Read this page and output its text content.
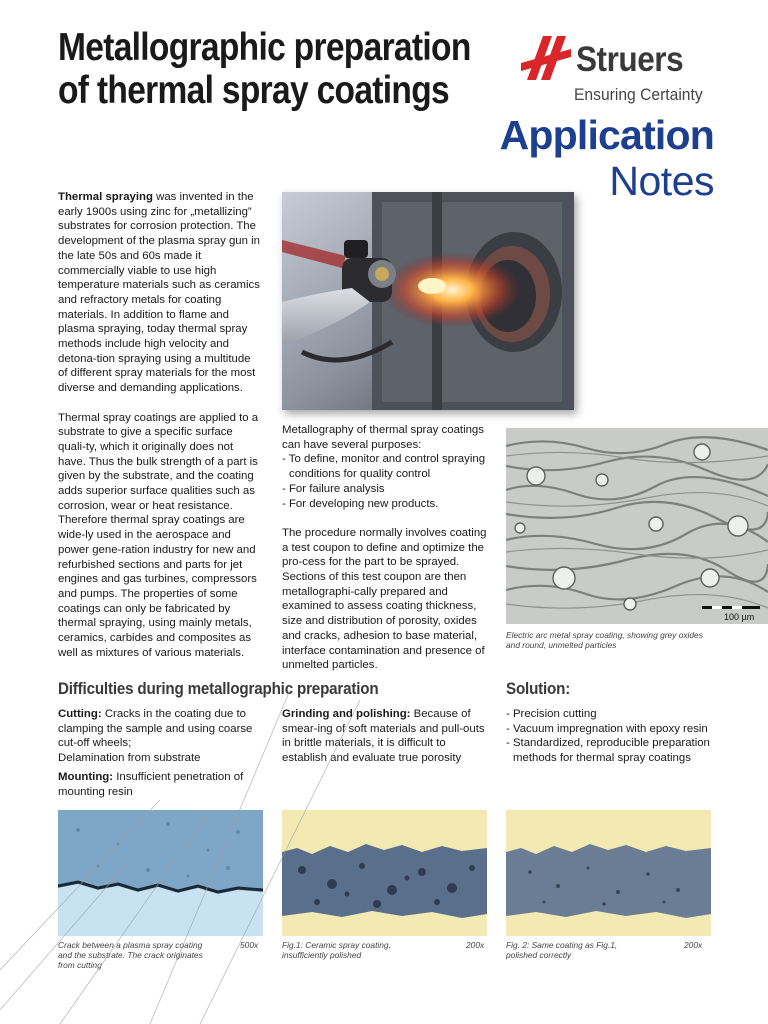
Metallographic preparation of thermal spray coatings
Struers
Ensuring Certainty
Application
Notes

Thermal spraying was invented in the early 1900s using zinc for „metallizing” substrates for corrosion protection. The development of the plasma spray gun in the late 50s and 60s made it commercially viable to use high temperature materials such as ceramics and refractory metals for coating materials. In addition to flame and plasma spraying, today thermal spray methods include high velocity and detona-tion spraying using a multitude of different spray materials for the most diverse and demanding applications.

Thermal spray coatings are applied to a substrate to give a specific surface quali-ty, which it originally does not have. Thus the bulk strength of a part is given by the substrate, and the coating adds superior surface qualities such as corrosion, wear or heat resistance.

Therefore thermal spray coatings are wide-ly used in the aerospace and power gene-ration industry for new and refurbished sections and parts for jet engines and gas turbines, compressors and pumps. The properties of some coatings can only be fabricated by thermal spraying, using mainly metals, ceramics, carbides and composites as well as mixtures of various materials.

Metallography of thermal spray coatings can have several purposes:

- To define, monitor and control spraying

conditions for quality control

- For failure analysis

- For developing new products.

The procedure normally involves coating a test coupon to define and optimize the pro-cess for the part to be sprayed. Sections of this test coupon are then metallographi-cally prepared and examined to assess coating thickness, size and distribution of porosity, oxides and cracks, adhesion to base material, interface contamination and presence of unmelted particles.

100 µm
Electric arc metal spray coating, showing grey oxides and round, unmelted particles
Difficulties during metallographic preparation

Cutting: Cracks in the coating due to clamping the sample and using coarse cut-off wheels;

Delamination from substrate

Mounting: Insufficient penetration of mounting resin

Grinding and polishing: Because of smear-ing of soft materials and pull-outs in brittle materials, it is difficult to establish and evaluate true porosity

Solution:
- Precision cutting
- Vacuum impregnation with epoxy resin
- Standardized, reproducible preparation methods for thermal spray coatings
Crack between a plasma spray coating and the substrate. The crack originates from cutting
500x	Fig.1: Ceramic spray coating, insufficiently polished
200x	Fig. 2: Same coating as Fig.1, polished correctly
200x
